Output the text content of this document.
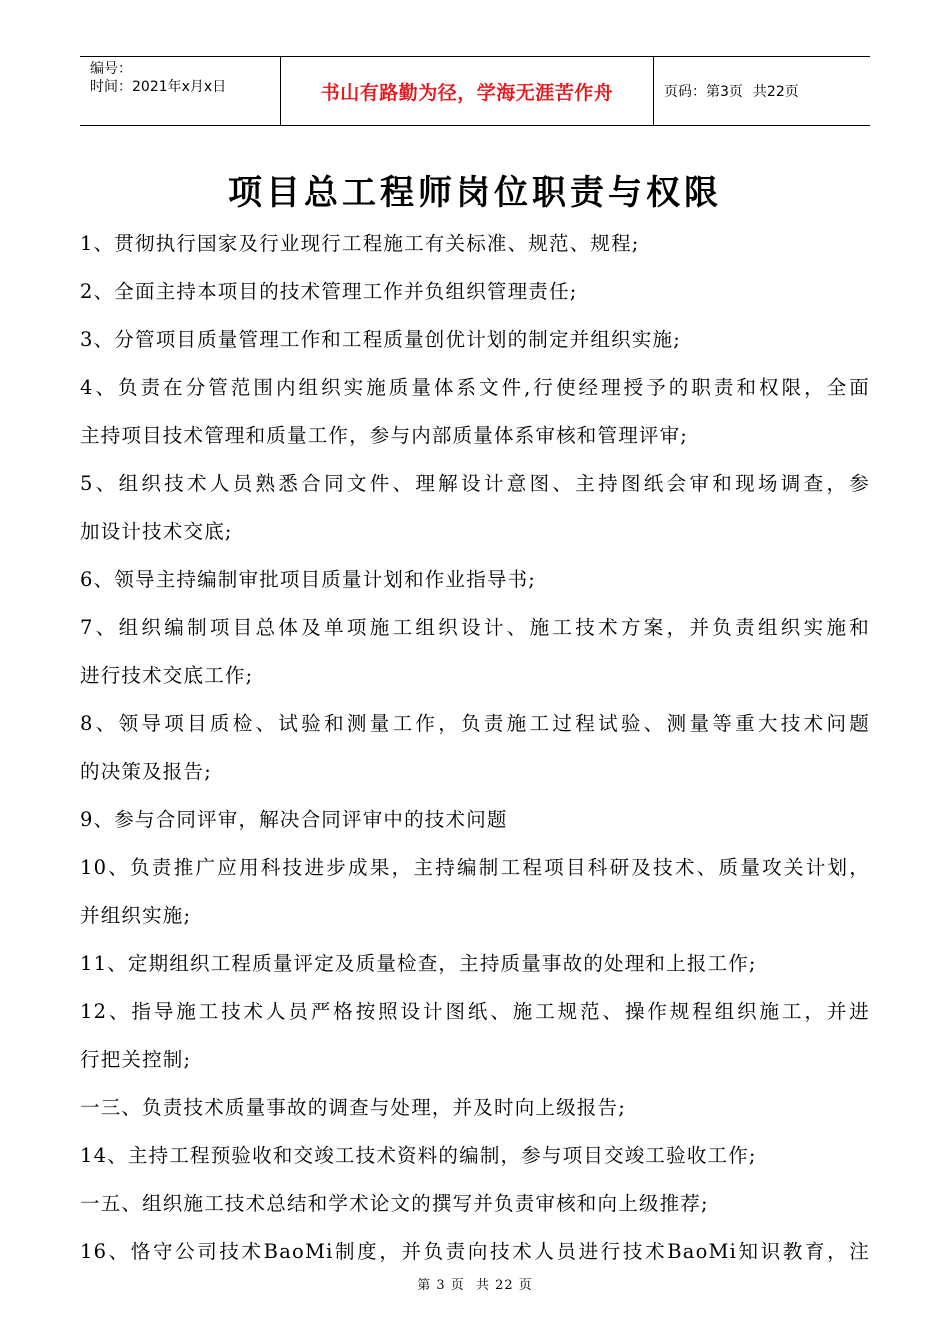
编号：
时间：2021年x月x日	书山有路勤为径，学海无涯苦作舟	页码：第3页 共22页
项目总工程师岗位职责与权限
1、贯彻执行国家及行业现行工程施工有关标准、规范、规程;
2、全面主持本项目的技术管理工作并负组织管理责任;
3、分管项目质量管理工作和工程质量创优计划的制定并组织实施;
4、负责在分管范围内组织实施质量体系文件,行使经理授予的职责和权限，全面
主持项目技术管理和质量工作，参与内部质量体系审核和管理评审;
5、组织技术人员熟悉合同文件、理解设计意图、主持图纸会审和现场调查，参
加设计技术交底;
6、领导主持编制审批项目质量计划和作业指导书;
7、组织编制项目总体及单项施工组织设计、施工技术方案，并负责组织实施和
进行技术交底工作;
8、领导项目质检、试验和测量工作，负责施工过程试验、测量等重大技术问题
的决策及报告;
9、参与合同评审，解决合同评审中的技术问题
10、负责推广应用科技进步成果，主持编制工程项目科研及技术、质量攻关计划，
并组织实施;
11、定期组织工程质量评定及质量检查，主持质量事故的处理和上报工作;
12、指导施工技术人员严格按照设计图纸、施工规范、操作规程组织施工，并进
行把关控制;
一三、负责技术质量事故的调查与处理，并及时向上级报告;
14、主持工程预验收和交竣工技术资料的编制，参与项目交竣工验收工作;
一五、组织施工技术总结和学术论文的撰写并负责审核和向上级推荐;
16、恪守公司技术BaoMi制度，并负责向技术人员进行技术BaoMi知识教育，注
第 3 页 共 22 页
